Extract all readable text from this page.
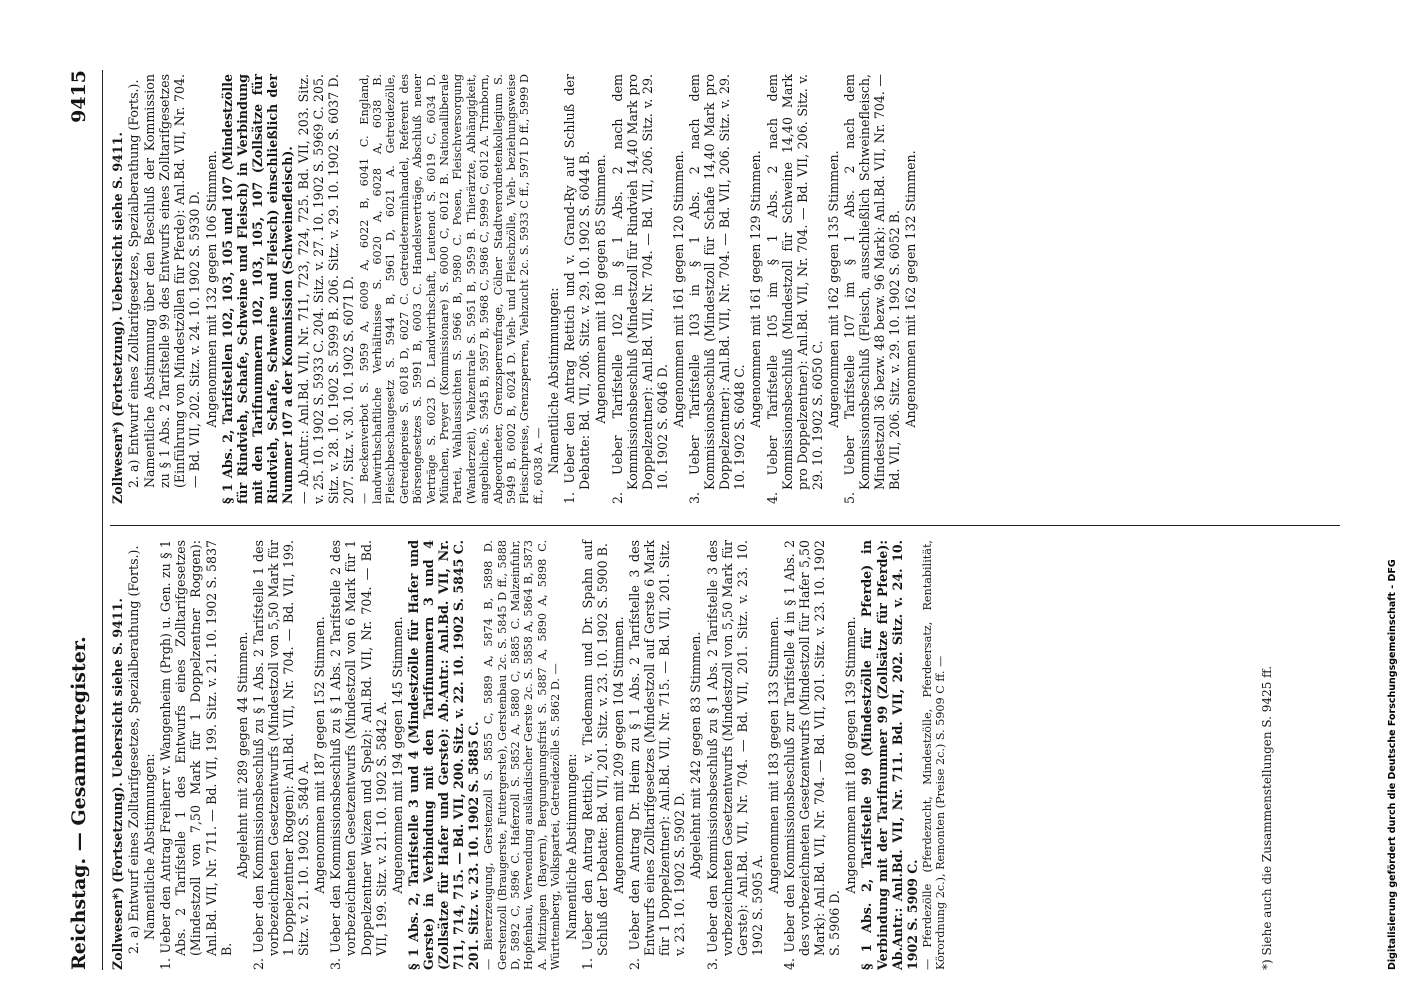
Reichstag. — Gesammtregister.
9415

Zollwesen*) (Fortsetzung). Uebersicht siehe S. 9411. 2. a) Entwurf eines Zolltarifgesetzes, Spezialberathung (Forts.). Namentliche Abstimmungen: 1. Ueber den Antrag Freiherr v. Wangenheim (Prgh) u. Gen. zu § 1 Abs. 2 Tarifstelle 1 des Entwurfs eines Zolltarifgesetzes (Mindestzoll von 7,50 Mark für 1 Doppelzentner Roggen): Anl.Bd. VII, Nr. 711. — Bd. VII, 199. Sitz. v. 21. 10. 1902 S. 5837 B.

Abgelehnt mit 289 gegen 44 Stimmen. 2. Ueber den Kommissionsbeschluß zu § 1 Abs. 2 Tarifstelle 1 des vorbezeichneten Gesetzentwurfs (Mindestzoll von 5,50 Mark für 1 Doppelzentner Roggen): Anl.Bd. VII, Nr. 704. — Bd. VII, 199. Sitz. v. 21. 10. 1902 S. 5840 A. Angenommen mit 187 gegen 152 Stimmen. 3. Ueber den Kommissionsbeschluß zu § 1 Abs. 2 Tarifstelle 2 des vorbezeichneten Gesetzentwurfs (Mindestzoll von 6 Mark für 1 Doppelzentner Weizen und Spelz): Anl.Bd. VII, Nr. 704. — Bd. VII, 199. Sitz. v. 21. 10. 1902 S. 5842 A. Angenommen mit 194 gegen 145 Stimmen. § 1 Abs. 2, Tarifstelle 3 und 4 (Mindestzölle für Hafer und Gerste) in Verbindung mit den Tarifnummern 3 und 4 (Zollsätze für Hafer und Gerste): Ab.Antr.: Anl.Bd. VII, Nr. 711, 714, 715. — Bd. VII, 200. Sitz. v. 22. 10. 1902 S. 5845 C. 201. Sitz. v. 23. 10. 1902 S. 5885 C. — Biererzeugung, Gerstenzoll S. 5855 C, 5889 A, 5874 B, 5898 D. Gerstenzoll (Braugerste, Futtergerste), Gerstenbau 2c. S. 5845 D ff., 5888 D, 5892 C, 5896 C. Haferzoll S. 5852 A, 5880 C, 5885 C. Malzeinfuhr, Hopfenbau, Verwendung ausländischer Gerste 2c. S. 5858 A, 5864 B, 5873 A. Mitzingen (Bayern), Bergungnungsfrist S. 5887 A, 5890 A, 5898 C. Württemberg, Volkspartei, Getreidezölle S. 5862 D. — Namentliche Abstimmungen: 1. Ueber den Antrag Rettich, v. Tiedemann und Dr. Spahn auf Schluß der Debatte: Bd. VII, 201. Sitz. v. 23. 10. 1902 S. 5900 B. Angenommen mit 209 gegen 104 Stimmen. 2. Ueber den Antrag Dr. Heim zu § 1 Abs. 2 Tarifstelle 3 des Entwurfs eines Zolltarifgesetzes (Mindestzoll auf Gerste 6 Mark für 1 Doppelzentner): Anl.Bd. VII, Nr. 715. — Bd. VII, 201. Sitz. v. 23. 10. 1902 S. 5902 D. Abgelehnt mit 242 gegen 83 Stimmen. 3. Ueber den Kommissionsbeschluß zu § 1 Abs. 2 Tarifstelle 3 des vorbezeichneten Gesetzentwurfs (Mindestzoll von 5,50 Mark für Gerste): Anl.Bd. VII, Nr. 704. — Bd. VII, 201. Sitz. v. 23. 10. 1902 S. 5905 A.

Angenommen mit 183 gegen 133 Stimmen. 4. Ueber den Kommissionsbeschluß zur Tarifstelle 4 in § 1 Abs. 2 des vorbezeichneten Gesetzentwurfs (Mindestzoll für Hafer 5,50 Mark): Anl.Bd. VII, Nr. 704. — Bd. VII, 201. Sitz. v. 23. 10. 1902 S. 5906 D.

Angenommen mit 180 gegen 139 Stimmen. § 1 Abs. 2, Tarifstelle 99 (Mindestzölle für Pferde) in Verbindung mit der Tarifnummer 99 (Zollsätze für Pferde): Ab.Antr.: Anl.Bd. VII, Nr. 711. Bd. VII, 202. Sitz. v. 24. 10. 1902 S. 5909 C. — Pferdezölle (Pferdezucht, Mindestzölle, Pferdeersatz, Rentabilität, Körordnung 2c.), Remonten (Preise 2c.) S. 5909 C ff. —

Zollwesen*) (Fortsetzung). Uebersicht siehe S. 9411. 2. a) Entwurf eines Zolltarifgesetzes, Spezialberathung (Forts.). Namentliche Abstimmung über den Beschluß der Kommission zu § 1 Abs. 2 Tarifstelle 99 des Entwurfs eines Zolltarifgesetzes (Einführung von Mindestzöllen für Pferde): Anl.Bd. VII, Nr. 704. — Bd. VII, 202. Sitz. v. 24. 10. 1902 S. 5930 D. Angenommen mit 132 gegen 106 Stimmen. § 1 Abs. 2, Tarifstellen 102, 103, 105 und 107 (Mindestzölle für Rindvieh, Schafe, Schweine und Fleisch) in Verbindung mit den Tarifnummern 102, 103, 105, 107 (Zollsätze für Rindvieh, Schafe, Schweine und Fleisch) einschließlich der Nummer 107 a der Kommission (Schweinefleisch). — Ab.Antr.: Anl.Bd. VII, Nr. 711, 723, 724, 725. Bd. VII, 203. Sitz. v. 25. 10. 1902 S. 5933 C. 204. Sitz. v. 27. 10. 1902 S. 5969 C. 205. Sitz. v. 28. 10. 1902 S. 5999 B. 206. Sitz. v. 29. 10. 1902 S. 6037 D. 207. Sitz. v. 30. 10. 1902 S. 6071 D. — Beckenverbot S. 5959 A, 6009 A, 6022 B, 6041 C. England, landwirthschaftliche Verhältnisse S. 6020 A, 6028 A, 6038 B. Fleischbeschaugesetz S. 5944 B, 5961 D, 6021 A. Getreidezölle, Getreidepreise S. 6018 D, 6027 C. Getreideterminhandel, Referent des Börsengesetzes S. 5991 B, 6003 C. Handelsverträge, Abschluß neuer Verträge S. 6023 D. Landwirthschaft, Leutenot S. 6019 C, 6034 D. München, Preyer (Kommissionare) S. 6000 C, 6012 B. Nationalliberale Partei, Wahlaussichten S. 5966 B, 5980 C. Posen, Fleischversorgung (Wanderzeit), Viehzentrale S. 5951 B, 5959 B. Thierärzte, Abhängigkeit, angebliche, S. 5945 B, 5957 B, 5968 C, 5986 C, 5999 C, 6012 A. Trimborn, Abgeordneter, Grenzsperrenfrage, Cölner Stadtverordnetenkollegium S. 5949 B, 6002 B, 6024 D. Vieh- und Fleischzölle, Vieh- beziehungsweise Fleischpreise, Grenzsperren, Viehzucht 2c. S. 5933 C ff., 5971 D ff., 5999 D ff., 6038 A. — Namentliche Abstimmungen: 1. Ueber den Antrag Rettich und v. Grand-Ry auf Schluß der Debatte: Bd. VII, 206. Sitz. v. 29. 10. 1902 S. 6044 B. Angenommen mit 180 gegen 85 Stimmen. 2. Ueber Tarifstelle 102 in § 1 Abs. 2 nach dem Kommissionsbeschluß (Mindestzoll für Rindvieh 14,40 Mark pro Doppelzentner): Anl.Bd. VII, Nr. 704. — Bd. VII, 206. Sitz. v. 29. 10. 1902 S. 6046 D. Angenommen mit 161 gegen 120 Stimmen. 3. Ueber Tarifstelle 103 in § 1 Abs. 2 nach dem Kommissionsbeschluß (Mindestzoll für Schafe 14,40 Mark pro Doppelzentner): Anl.Bd. VII, Nr. 704. — Bd. VII, 206. Sitz. v. 29. 10. 1902 S. 6048 C. Angenommen mit 161 gegen 129 Stimmen. 4. Ueber Tarifstelle 105 im § 1 Abs. 2 nach dem Kommissionsbeschluß (Mindestzoll für Schweine 14,40 Mark pro Doppelzentner): Anl.Bd. VII, Nr. 704. — Bd. VII, 206. Sitz. v. 29. 10. 1902 S. 6050 C. Angenommen mit 162 gegen 135 Stimmen. 5. Ueber Tarifstelle 107 im § 1 Abs. 2 nach dem Kommissionsbeschluß (Fleisch, ausschließlich Schweinefleisch, Mindestzoll 36 bezw. 48 bezw. 96 Mark): Anl.Bd. VII, Nr. 704. — Bd. VII, 206. Sitz. v. 29. 10. 1902 S. 6052 B. Angenommen mit 162 gegen 132 Stimmen.

*) Siehe auch die Zusammenstellungen S. 9425 ff.	Digitalisierung gefördert durch die Deutsche Forschungsgemeinschaft - DFG
